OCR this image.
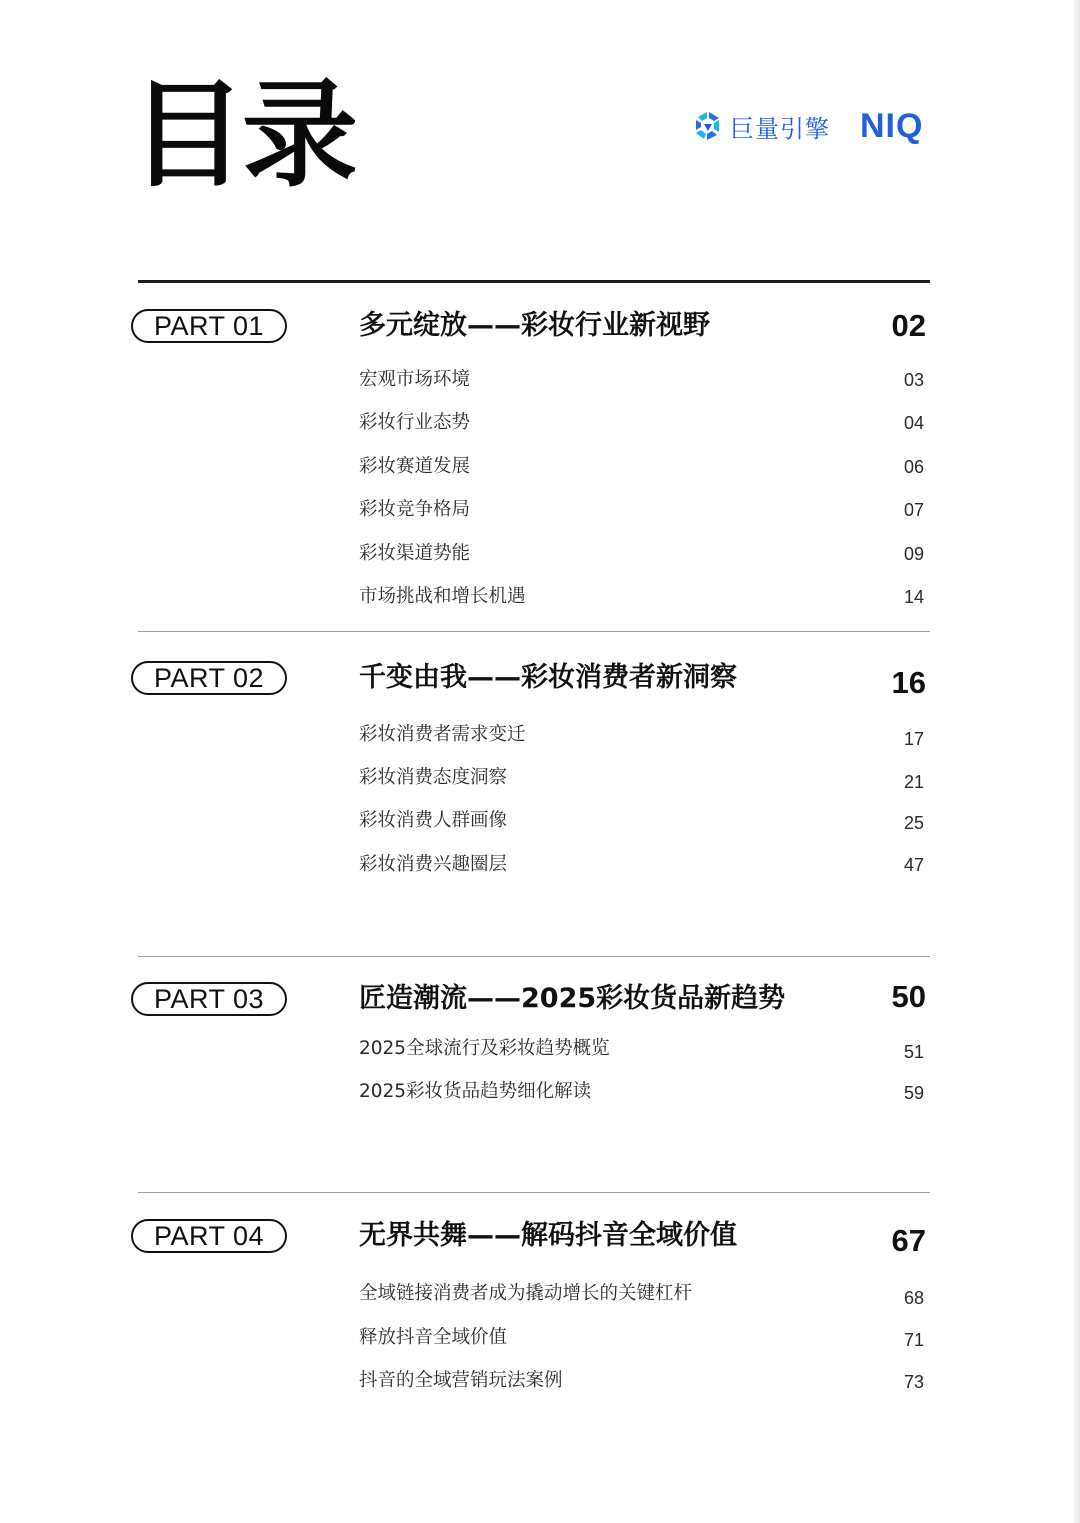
目录	巨量引擎 NIQ
PART 01	多元绽放——彩妆行业新视野	02
宏观市场环境	03
彩妆行业态势	04
彩妆赛道发展	06
彩妆竞争格局	07
彩妆渠道势能	09
市场挑战和增长机遇	14
PART 02	千变由我——彩妆消费者新洞察	16
彩妆消费者需求变迁	17
彩妆消费态度洞察	21
彩妆消费人群画像	25
彩妆消费兴趣圈层	47
PART 03	匠造潮流——2025彩妆货品新趋势	50
2025全球流行及彩妆趋势概览	51
2025彩妆货品趋势细化解读	59
PART 04	无界共舞——解码抖音全域价值	67
全域链接消费者成为撬动增长的关键杠杆	68
释放抖音全域价值	71
抖音的全域营销玩法案例	73
